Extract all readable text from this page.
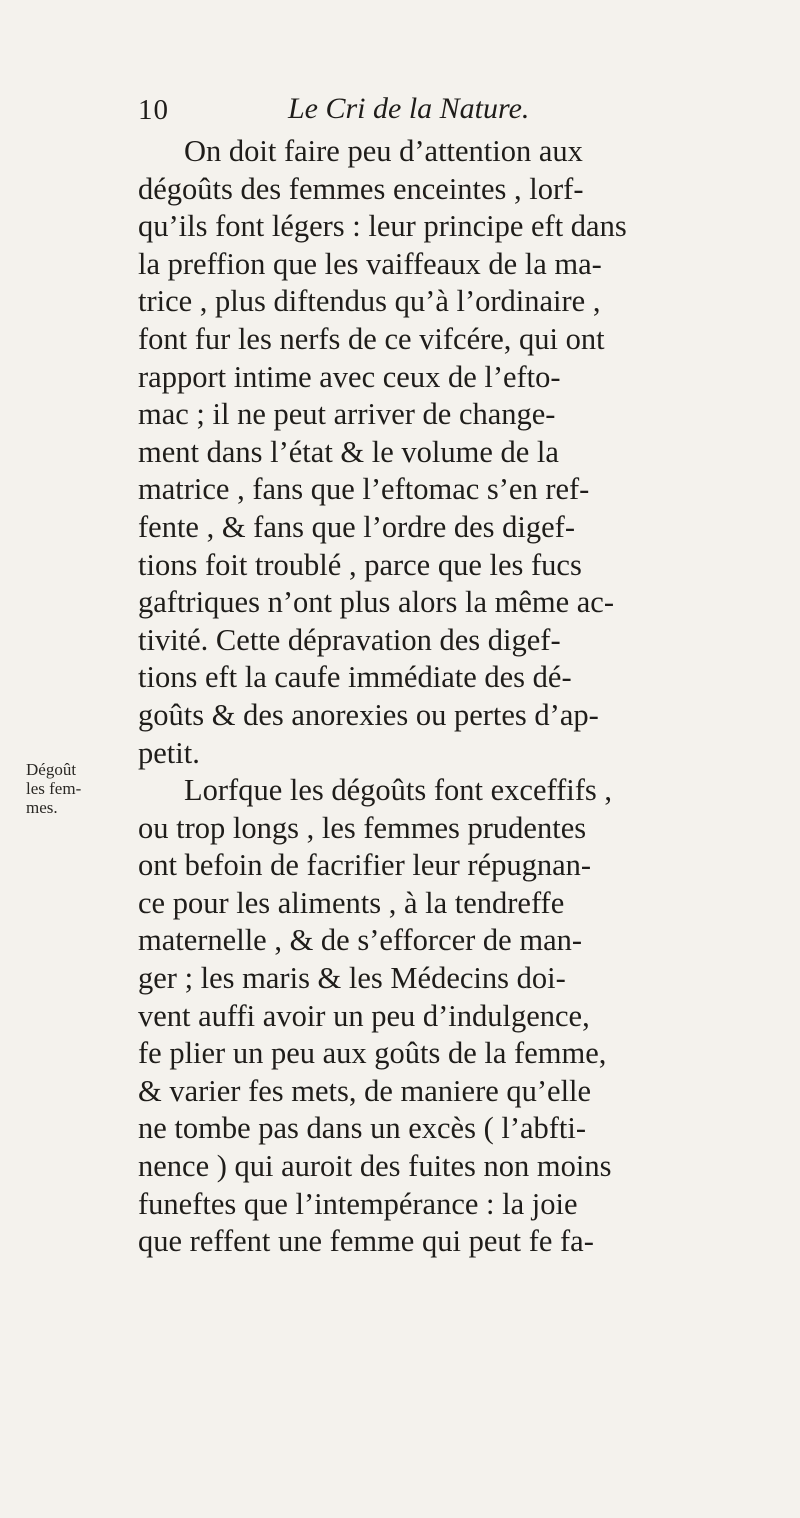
10	Le Cri de la Nature.
Dégoût
les fem-
mes.
On doit faire peu d’attention aux
dégoûts des femmes enceintes , lorf-
qu’ils font légers : leur principe eft dans
la preffion que les vaiffeaux de la ma-
trice , plus diftendus qu’à l’ordinaire ,
font fur les nerfs de ce vifcére, qui ont
rapport intime avec ceux de l’efto-
mac ; il ne peut arriver de change-
ment dans l’état & le volume de la
matrice , fans que l’eftomac s’en ref-
fente , & fans que l’ordre des digef-
tions foit troublé , parce que les fucs
gaftriques n’ont plus alors la même ac-
tivité. Cette dépravation des digef-
tions eft la caufe immédiate des dé-
goûts & des anorexies ou pertes d’ap-
petit.
Lorfque les dégoûts font exceffifs ,
ou trop longs , les femmes prudentes
ont befoin de facrifier leur répugnan-
ce pour les aliments , à la tendreffe
maternelle , & de s’efforcer de man-
ger ; les maris & les Médecins doi-
vent auffi avoir un peu d’indulgence,
fe plier un peu aux goûts de la femme,
& varier fes mets, de maniere qu’elle
ne tombe pas dans un excès ( l’abfti-
nence ) qui auroit des fuites non moins
funeftes que l’intempérance : la joie
que reffent une femme qui peut fe fa-
